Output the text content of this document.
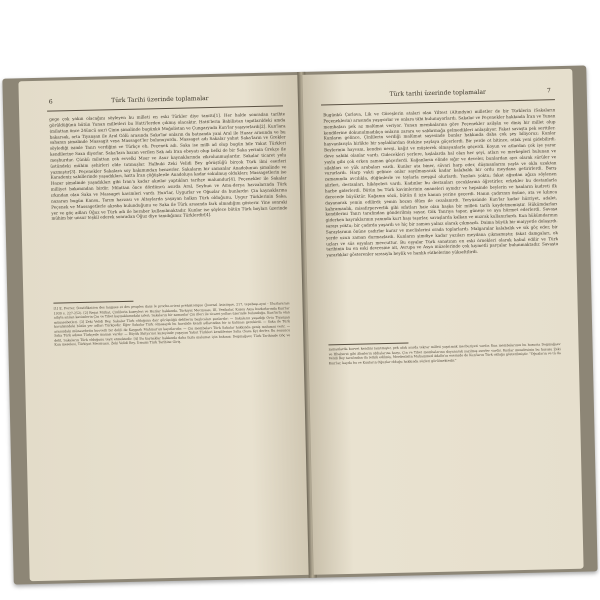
6	Türk Tarihi üzerinde toplamalar

gege çok yakın olacağını söyleyen bu milleti en eski Türkler diye tanıttı[1]. Her halde sonradan tarihte görüldüğünü bütün Yunan milletleri bu Hatti'lerden çıkmış olacaktır. Hatti'lerin Babilistan tapıtlarıldeki amda (milattan önce 24üncü asır) Çinin şimalinde bugünkü Moğolistan ve Çungaryada Kun'lar yaşıyorlardı[2]. Kun'lara bakarsak, orta Tiyanşan ile Aral Gölü arasında Saka'lar onların da batısında yani Aral ile Hazar arasında ve bu sahanın şimalinde Massagit veya Massaget'ler bulunuyordu. Massaget adı Sakalar yahut Saka'ların ve Grekler söylediği isimle Tanrı verdiğini ve Türkçe eb, Peçenek adı. Saka ise milli ad olup bugün bile Yakut Türkleri kendilerine Saxa diyorlar. Saka'lara bazan verilen Sak adı Iran ebeyatı olup belki de bir Saka yerinin Grekçe ile meşhurdur. Çünkü milattan çok evvelki Mısır ve Asur kaynaklarında zikrolunmuşlardır. Sakalar ticaret yolu üstündeki mühim şehirleri elde tutmuşlar. Halbuki Zeki Velidi Bey görüştüğü birçok Türk ilmi eserleri yazmıştır[3]. Peçenekler Sakalara soy bakımından benzerler. Sakaların bir zamanlar Anadolunun şimalinde ve Karadeniz sahillerinde yaşadıkları, hatta İran çöğüşlerde Anadoluya kadar sokulmuş oldukları; Massagetlerin ise Hazar şimalinde yaşadıkları gibi İran'a kadar akınlar yaptıkları tarihçe malumdur[4]. Peçenekler ile Sakalar milliyet bakımından birdir. Milattan önce dördüncü asırda Aral, Seyhun ve Amu-derya havzalarında Türk ırkından olan Saka ve Massaget kavimleri vardı. Hun'lar, Uygurlar ve Oğuzlar da bunlardır. Çin kaynaklarına nazaran bugün Kansu, Tarım havzası ve Altaylarda yaşayan halkın Türk olduğunu, Uygur Türklerinin Saka, Peçenek ve Massagetlerle akraba bulunduğunu ve Saka ile Türk arasında fark olmadığını gösterir. Yine sonraki yer ve göç adları Oğuz ve Türk adı ile beraber kullanılmaktadır. Kunlar ise şöylece bütün Türk boyları üzerinde mühim bir unsur teşkil ederek sonradan Oğuz diye tanıdığımız Türklerdir[4].

[1] E. Forrer, Stratifikation des langues et des peuples dans le proche-orient préhistorique (Journal Asiatique, 217, tepebaşı-ayni - Uluslararası 1930 s. 227-252). [2] Reşat Mithat, Çinlilerin kuzeyleri ve Hunlar hakkında, Türkiyat Mecmuası, III, Vesikalar, Kuzey Asya bozkırlarında Kun'lar adıyla anılan kavimlerin Çin ve Tibet kaynaklarındaki izleri; Sakaların bir zamanlar Çin illeri ile ticaret yolları üzerinde bulunduğu, Kun'larla olan münasebetleri. [3] Zeki Velidi Bey, Sakalar Türk olduğuna dair görüştüğü delillerin başlıcaları şunlardır: — Sakaların yaşadığı Orta Tiyanşan havalisindeki bütün yer adları Türkçedir. Eğer Sakalar Türk olmasaydı bu havalide kendi adlarından bir iz kalması gerekirdi. — Saka ile Türk arasındaki münasebetin kuvvetli bir delili de Kaşgarlı Mahmut'un kayıtlarıdır. — Çin membaları Türk Sakalar hakkında geniş malumat verir. — Saka Türk adının Türkçede manası vardır. — Büyük Skitya'nın kuzeyinde yaşayan Yakut Türkleri kendilerine Saha (Saxa Ky) derler. Bu sonuncu delil, Sakaların Türk olduğunu teyit etmektedir. [4] Bu kaynaklar hakkında daha fazla malumat için bakınız: Dogmağaev, Türk Tarihinde Göç ve Kun meselesi, Türkiyat Mecmuası. Zeki Velidi Bey, Umumi Türk Tarihine Giriş.

Türk tarihi üzerinde toplamalar	7

Bugünkü Çorlova, Lik ve Göreşlerin atalari olan Yiltest (Altındyin) milletler de bir Türklerin (Sakaların Peçeneklerin) arasında yaşıyorlar ve onlara tâbi bulunuyorlardı. Sakalar ve Peçenekler hakkında İran ve Yunan membaları pek az malûmat veriyor. Yunan membalarına göre Peçenekler asilşân ve diniş bir millet olup kendilerine dokunulmadıkça onların zarara ve saldırmağa gelmedikleri anlaşılıyor. Fakat savaşta pek serttiler. Kunların gelince, Çinlilerin verdiği malûmat sayesinde bunlar hakkında daha çok şey biliyoruz: Kunlar hayvanlarıyla birlikte bir yaylaklardan ötekine yaylaya göçerlerdi. Bir yerde ot bitince, otlak yeni gidebilirdi. Beylerinin hayvanı, kendisi nevşi, kağıt ve müşterek olmayanlarla göçerdi. Koyun ve atlardan çok işe yarar deve sahibi olanlar vardı. Gidecekleri yerlere, kışlalarda hal olan her şeyi, atları ve merkepleri bulunan ve yayla gibi çok erken zaman göçerlerdi. Kağanların elinde sığır ve develer, bunlardan ayrı olarak sürüler ve silahları ve yük arabaları vardı. Kunlar ata biner, süvari harp eder, düşmanlarını yayla ve okla uzaktan vururlardı. Harp vakti gelince onlar sayılmayacak kadar kalabalık bir ordu meydana getirirlerdi. Barış zamanında avcılıkla, düğünlerle ve toylarla meşgul olurlardı. Yazıları yoktu; fakat ağızdan ağıza söylenen şiirleri, destanları, hikâyeleri vardı. Kadınlar bu destanları çocuklarına öğretirler, erkekler bu destanlarla harbe giderlerdi. Bütün bu Türk kavimlerinin ananeleri aynıdır ve hepsinde beylerin ve hanların kudreti ilk derecede büyüktür. Kağanın sözü, bütün il için kanun yerine geçerdi. Hanın çadırının önüne, ata ve kılınca dayanarak yemin edilirdi; yemin bozan ölüm ile cezalanırdı. Yeryüzünde Kun'lar kadar hürriyet, adalet, kahramanlık, misafirperverlik gibi sıfatları haiz olan başka bir milleti tarih kaydetmemiştir. Hükümdarları kendilerini Tanrı tarafından gönderilmiş sayar, Gök Tanrıya tapar, güneşe ve aya hürmet ederlerdi. Savaşa giderken bayraklarının yanında kurt başı taşırlar, savaşlarda kalkan ve mızrak kullanırlardı. Kun hükümdarının sarayı yoktu; bir çadırda yaşardı ve hiç bir zaman yalnız olarak çıkmazdı. Daima büyük bir maiyyetle dolaşırdı. Saraylarının önüne çadırlar kurar ve meclislerini orada toplarlardı. Malgaralar kalabalık ve sık göç eder, bir yerde uzun zaman durmazlardı. Kunların şimdiye kadar yazıları meydana çıkmamıştır, fakat damgaları, ok uçları ve süs eşyaları mevcuttur. Bu eşyalar Türk sanatının en eski örnekleri olarak kabul edilir ve Türk tarihinin bu en eski devresine ait, Avrupa ve Asya müzelerinde çok kıymetli parçalar bulunmaktadır. Savaşta yararlıklar gösterenler sırasıyla beylik ve hanlık rütbelerine yükseltilirdi.

zamanlarda kuvvet kendini tanıtmıştır, pek ufak asırda tekrar milleti yaşatmak mecburiyeti vardır. Kun membalarının bu hususta Dogmağaev ve Hbaberst gibi âlimlerin iddialarına karşı, Çin ve Tibet membalarına dayanarak yazılmış eserler vardır. Kunlar meselesinin bu hususu Zeki Velidi Bey tarafından da tetkik edilmiş, Merdenbilin Muhammed Adalîn'ın eserinde de Kun'ların Türk olduğu gösterilmiştir. "Oğuzların ve tâ da Kun'lar, kayda bu ve Kunların Oğuzlar olduğu hakkında sözleri görülmektedir."
